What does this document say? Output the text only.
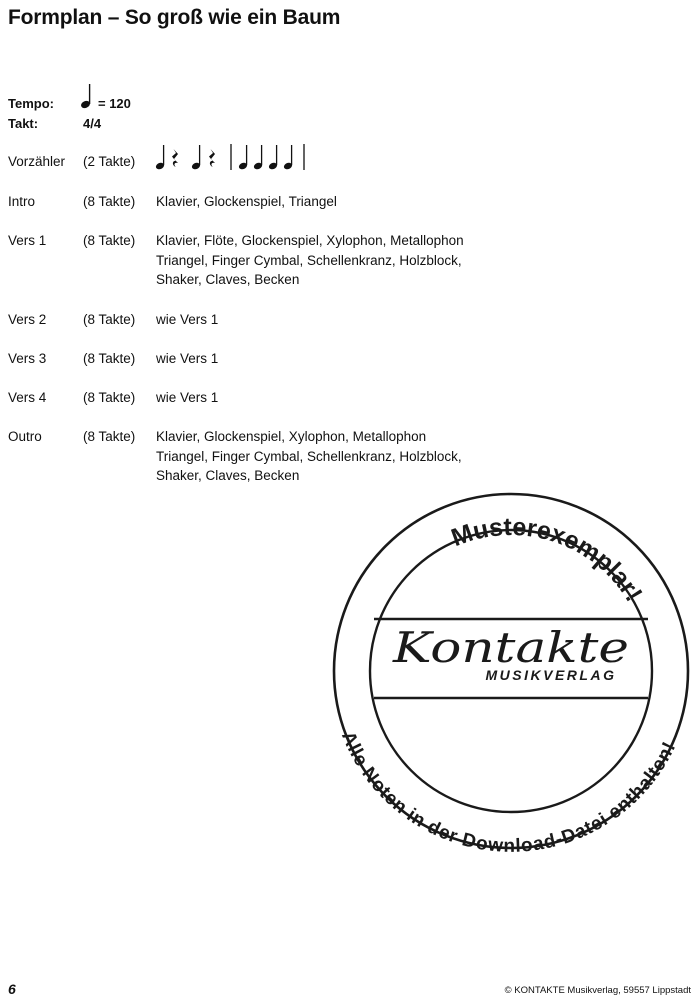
Formplan – So groß wie ein Baum
Tempo:	= 120
Takt:	4/4
Vorzähler (2 Takte)
Intro	(8 Takte) Klavier, Glockenspiel, Triangel
Vers 1	(8 Takte) Klavier, Flöte, Glockenspiel, Xylophon, Metallophon
Triangel, Finger Cymbal, Schellenkranz, Holzblock,
Shaker, Claves, Becken
Vers 2	(8 Takte) wie Vers 1
Vers 3	(8 Takte) wie Vers 1
Vers 4	(8 Takte) wie Vers 1
Outro	(8 Takte) Klavier, Glockenspiel, Xylophon, Metallophon
Triangel, Finger Cymbal, Schellenkranz, Holzblock,
Shaker, Claves, Becken
Musterexemplar!
Alle Noten in der Download-Datei enthalten!
Kontakte
MUSIKVERLAG
6	© KONTAKTE Musikverlag, 59557 Lippstadt
